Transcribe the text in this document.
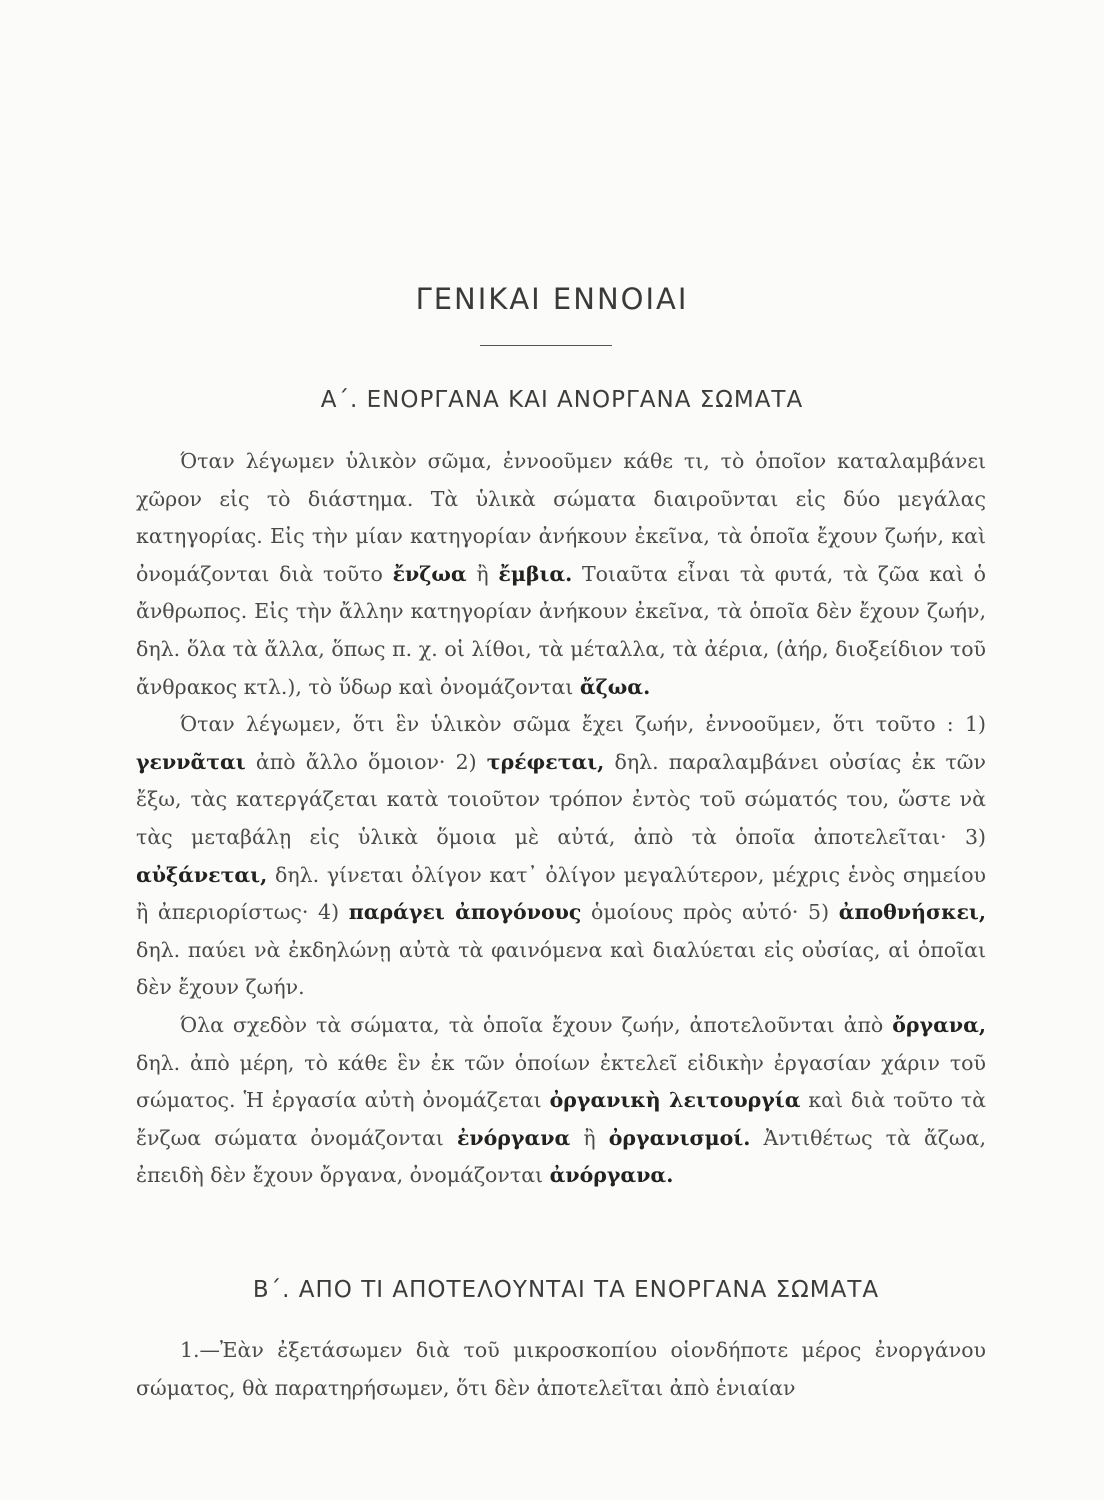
ΓΕΝΙΚΑΙ ΕΝΝΟΙΑΙ
Α΄. ΕΝΟΡΓΑΝΑ ΚΑΙ ΑΝΟΡΓΑΝΑ ΣΩΜΑΤΑ

Όταν λέγωμεν ὑλικὸν σῶμα, ἐννοοῦμεν κάθε τι, τὸ ὁποῖον καταλαμβάνει χῶρον εἰς τὸ διάστημα. Τὰ ὑλικὰ σώματα διαιροῦνται εἰς δύο μεγάλας κατηγορίας. Εἰς τὴν μίαν κατηγορίαν ἀνήκουν ἐκεῖνα, τὰ ὁποῖα ἔχουν ζωήν, καὶ ὀνομάζονται διὰ τοῦτο ἔνζωα ἢ ἔμβια. Τοιαῦτα εἶναι τὰ φυτά, τὰ ζῶα καὶ ὁ ἄνθρωπος. Εἰς τὴν ἄλλην κατηγορίαν ἀνήκουν ἐκεῖνα, τὰ ὁποῖα δὲν ἔχουν ζωήν, δηλ. ὅλα τὰ ἄλλα, ὅπως π. χ. οἱ λίθοι, τὰ μέταλλα, τὰ ἀέρια, (ἀήρ, διοξείδιον τοῦ ἄνθρακος κτλ.), τὸ ὕδωρ καὶ ὀνομάζονται ἄζωα.

Όταν λέγωμεν, ὅτι ἓν ὑλικὸν σῶμα ἔχει ζωήν, ἐννοοῦμεν, ὅτι τοῦτο : 1) γεννᾶται ἀπὸ ἄλλο ὅμοιον· 2) τρέφεται, δηλ. παραλαμβάνει οὐσίας ἐκ τῶν ἔξω, τὰς κατεργάζεται κατὰ τοιοῦτον τρόπον ἐντὸς τοῦ σώματός του, ὥστε νὰ τὰς μεταβάλῃ εἰς ὑλικὰ ὅμοια μὲ αὐτά, ἀπὸ τὰ ὁποῖα ἀποτελεῖται· 3) αὐξάνεται, δηλ. γίνεται ὀλίγον κατ᾽ ὀλίγον μεγαλύτερον, μέχρις ἑνὸς σημείου ἢ ἀπεριορίστως· 4) παράγει ἀπογόνους ὁμοίους πρὸς αὐτό· 5) ἀποθνήσκει, δηλ. παύει νὰ ἐκδηλώνῃ αὐτὰ τὰ φαινόμενα καὶ διαλύεται εἰς οὐσίας, αἱ ὁποῖαι δὲν ἔχουν ζωήν.

Όλα σχεδὸν τὰ σώματα, τὰ ὁποῖα ἔχουν ζωήν, ἀποτελοῦνται ἀπὸ ὄργανα, δηλ. ἀπὸ μέρη, τὸ κάθε ἓν ἐκ τῶν ὁποίων ἐκτελεῖ εἰδικὴν ἐργασίαν χάριν τοῦ σώματος. Ἡ ἐργασία αὐτὴ ὀνομάζεται ὀργανικὴ λειτουργία καὶ διὰ τοῦτο τὰ ἔνζωα σώματα ὀνομάζονται ἐνόργανα ἢ ὀργανισμοί. Ἀντιθέτως τὰ ἄζωα, ἐπειδὴ δὲν ἔχουν ὄργανα, ὀνομάζονται ἀνόργανα.

Β΄. ΑΠΟ ΤΙ ΑΠΟΤΕΛΟΥΝΤΑΙ ΤΑ ΕΝΟΡΓΑΝΑ ΣΩΜΑΤΑ

1.—Ἐὰν ἐξετάσωμεν διὰ τοῦ μικροσκοπίου οἱονδήποτε μέρος ἐνοργάνου σώματος, θὰ παρατηρήσωμεν, ὅτι δὲν ἀποτελεῖται ἀπὸ ἑνιαίαν
